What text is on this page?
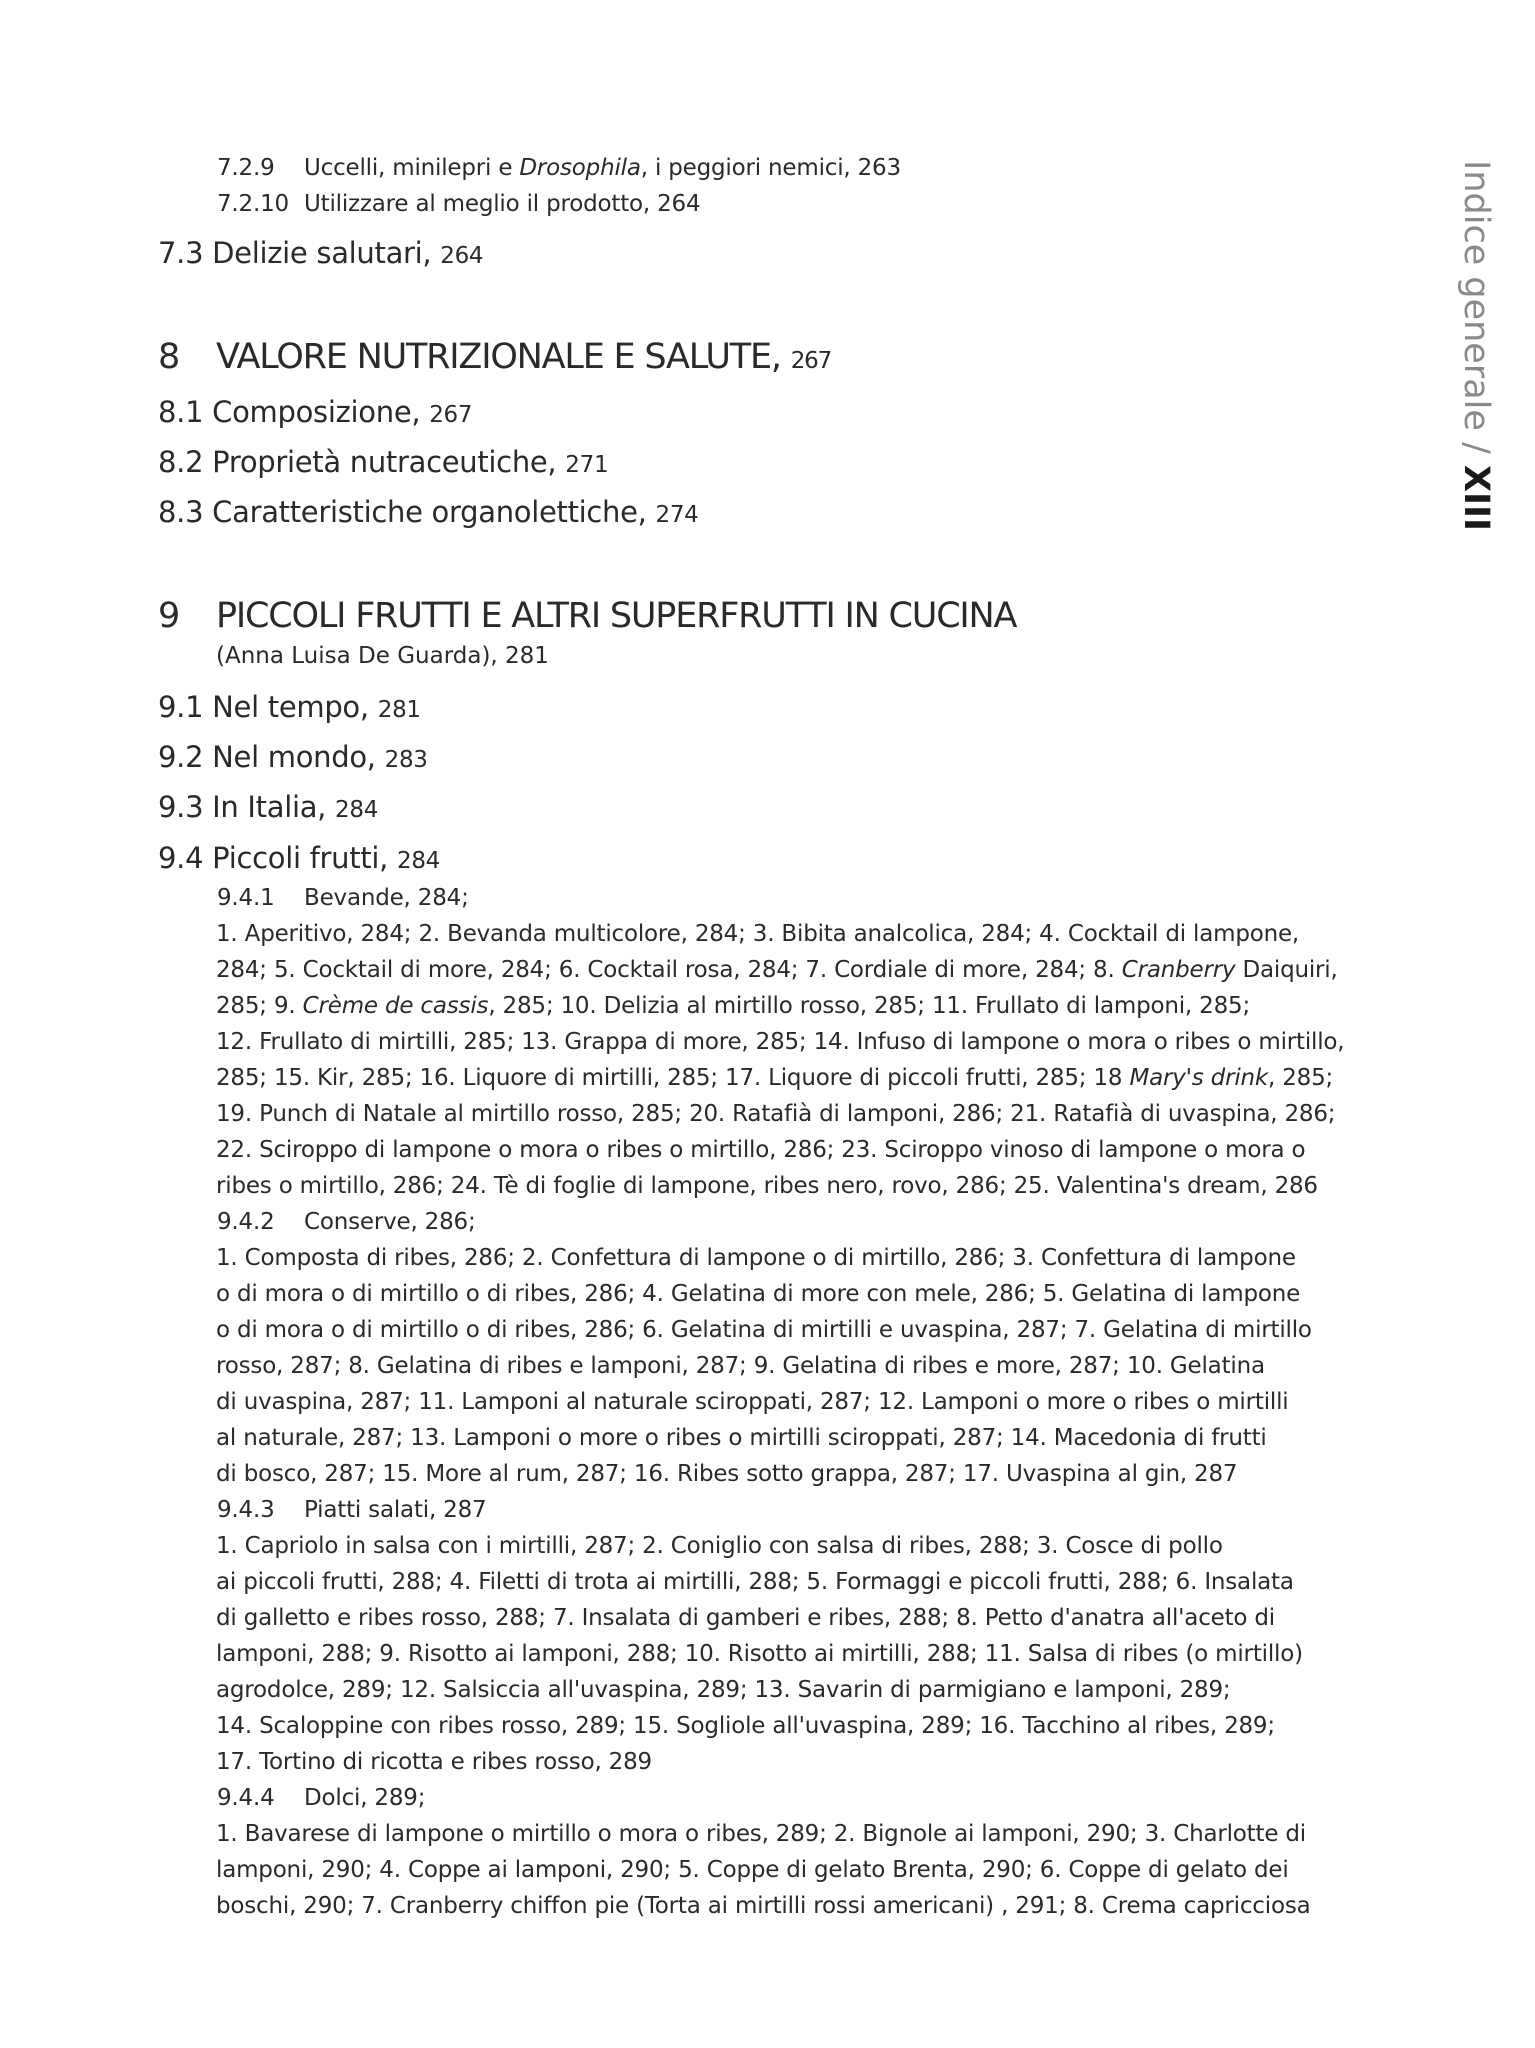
Indice generale / XIII
7.2.9 Uccelli, minilepri e Drosophila, i peggiori nemici, 263
7.2.10 Utilizzare al meglio il prodotto, 264
7.3 Delizie salutari, 264
8 VALORE NUTRIZIONALE E SALUTE, 267
8.1 Composizione, 267
8.2 Proprietà nutraceutiche, 271
8.3 Caratteristiche organolettiche, 274
9 PICCOLI FRUTTI E ALTRI SUPERFRUTTI IN CUCINA
(Anna Luisa De Guarda), 281
9.1 Nel tempo, 281
9.2 Nel mondo, 283
9.3 In Italia, 284
9.4 Piccoli frutti, 284
9.4.1 Bevande, 284;
1. Aperitivo, 284; 2. Bevanda multicolore, 284; 3. Bibita analcolica, 284; 4. Cocktail di lampone,
284; 5. Cocktail di more, 284; 6. Cocktail rosa, 284; 7. Cordiale di more, 284; 8. Cranberry Daiquiri,
285; 9. Crème de cassis, 285; 10. Delizia al mirtillo rosso, 285; 11. Frullato di lamponi, 285;
12. Frullato di mirtilli, 285; 13. Grappa di more, 285; 14. Infuso di lampone o mora o ribes o mirtillo,
285; 15. Kir, 285; 16. Liquore di mirtilli, 285; 17. Liquore di piccoli frutti, 285; 18 Mary's drink, 285;
19. Punch di Natale al mirtillo rosso, 285; 20. Ratafià di lamponi, 286; 21. Ratafià di uvaspina, 286;
22. Sciroppo di lampone o mora o ribes o mirtillo, 286; 23. Sciroppo vinoso di lampone o mora o
ribes o mirtillo, 286; 24. Tè di foglie di lampone, ribes nero, rovo, 286; 25. Valentina's dream, 286
9.4.2 Conserve, 286;
1. Composta di ribes, 286; 2. Confettura di lampone o di mirtillo, 286; 3. Confettura di lampone
o di mora o di mirtillo o di ribes, 286; 4. Gelatina di more con mele, 286; 5. Gelatina di lampone
o di mora o di mirtillo o di ribes, 286; 6. Gelatina di mirtilli e uvaspina, 287; 7. Gelatina di mirtillo
rosso, 287; 8. Gelatina di ribes e lamponi, 287; 9. Gelatina di ribes e more, 287; 10. Gelatina
di uvaspina, 287; 11. Lamponi al naturale sciroppati, 287; 12. Lamponi o more o ribes o mirtilli
al naturale, 287; 13. Lamponi o more o ribes o mirtilli sciroppati, 287; 14. Macedonia di frutti
di bosco, 287; 15. More al rum, 287; 16. Ribes sotto grappa, 287; 17. Uvaspina al gin, 287
9.4.3 Piatti salati, 287
1. Capriolo in salsa con i mirtilli, 287; 2. Coniglio con salsa di ribes, 288; 3. Cosce di pollo
ai piccoli frutti, 288; 4. Filetti di trota ai mirtilli, 288; 5. Formaggi e piccoli frutti, 288; 6. Insalata
di galletto e ribes rosso, 288; 7. Insalata di gamberi e ribes, 288; 8. Petto d'anatra all'aceto di
lamponi, 288; 9. Risotto ai lamponi, 288; 10. Risotto ai mirtilli, 288; 11. Salsa di ribes (o mirtillo)
agrodolce, 289; 12. Salsiccia all'uvaspina, 289; 13. Savarin di parmigiano e lamponi, 289;
14. Scaloppine con ribes rosso, 289; 15. Sogliole all'uvaspina, 289; 16. Tacchino al ribes, 289;
17. Tortino di ricotta e ribes rosso, 289
9.4.4 Dolci, 289;
1. Bavarese di lampone o mirtillo o mora o ribes, 289; 2. Bignole ai lamponi, 290; 3. Charlotte di
lamponi, 290; 4. Coppe ai lamponi, 290; 5. Coppe di gelato Brenta, 290; 6. Coppe di gelato dei
boschi, 290; 7. Cranberry chiffon pie (Torta ai mirtilli rossi americani) , 291; 8. Crema capricciosa
